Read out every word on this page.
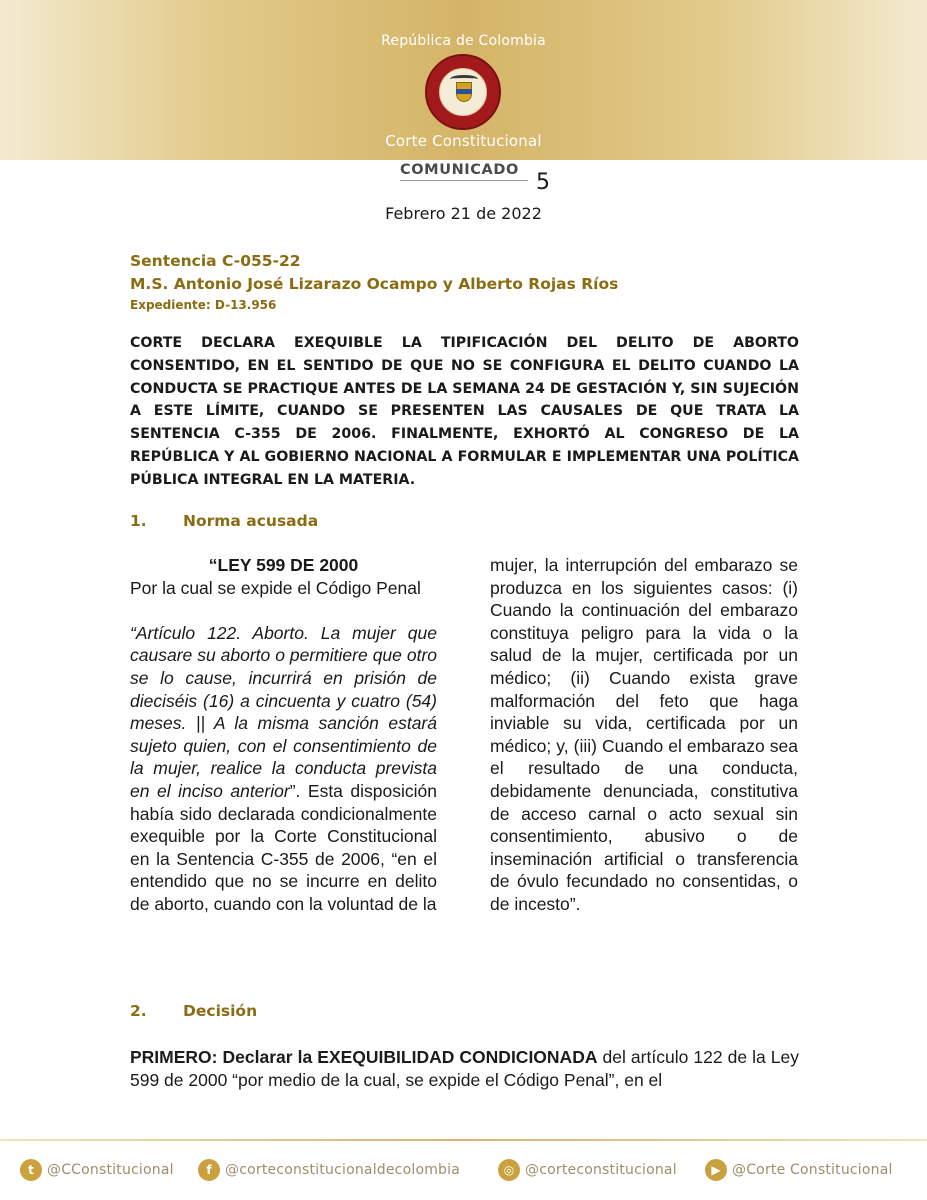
República de Colombia
Corte Constitucional
COMUNICADO 5
Febrero 21 de 2022
Sentencia C-055-22
M.S. Antonio José Lizarazo Ocampo y Alberto Rojas Ríos
Expediente: D-13.956
CORTE DECLARA EXEQUIBLE LA TIPIFICACIÓN DEL DELITO DE ABORTO CONSENTIDO, EN EL SENTIDO DE QUE NO SE CONFIGURA EL DELITO CUANDO LA CONDUCTA SE PRACTIQUE ANTES DE LA SEMANA 24 DE GESTACIÓN Y, SIN SUJECIÓN A ESTE LÍMITE, CUANDO SE PRESENTEN LAS CAUSALES DE QUE TRATA LA SENTENCIA C-355 DE 2006. FINALMENTE, EXHORTÓ AL CONGRESO DE LA REPÚBLICA Y AL GOBIERNO NACIONAL A FORMULAR E IMPLEMENTAR UNA POLÍTICA PÚBLICA INTEGRAL EN LA MATERIA.
1. Norma acusada
“LEY 599 DE 2000

Por la cual se expide el Código Penal

“Artículo 122. Aborto. La mujer que causare su aborto o permitiere que otro se lo cause, incurrirá en prisión de dieciséis (16) a cincuenta y cuatro (54) meses. || A la misma sanción estará sujeto quien, con el consentimiento de la mujer, realice la conducta prevista en el inciso anterior”. Esta disposición había sido declarada condicionalmente exequible por la Corte Constitucional en la Sentencia C-355 de 2006, “en el entendido que no se incurre en delito de aborto, cuando con la voluntad de la

mujer, la interrupción del embarazo se produzca en los siguientes casos: (i) Cuando la continuación del embarazo constituya peligro para la vida o la salud de la mujer, certificada por un médico; (ii) Cuando exista grave malformación del feto que haga inviable su vida, certificada por un médico; y, (iii) Cuando el embarazo sea el resultado de una conducta, debidamente denunciada, constitutiva de acceso carnal o acto sexual sin consentimiento, abusivo o de inseminación artificial o transferencia de óvulo fecundado no consentidas, o de incesto”.
2. Decisión
PRIMERO: Declarar la EXEQUIBILIDAD CONDICIONADA del artículo 122 de la Ley 599 de 2000 “por medio de la cual, se expide el Código Penal”, en el
t @CConstitucional	f @corteconstitucionaldecolombia	◎ @corteconstitucional	▶ @Corte Constitucional
